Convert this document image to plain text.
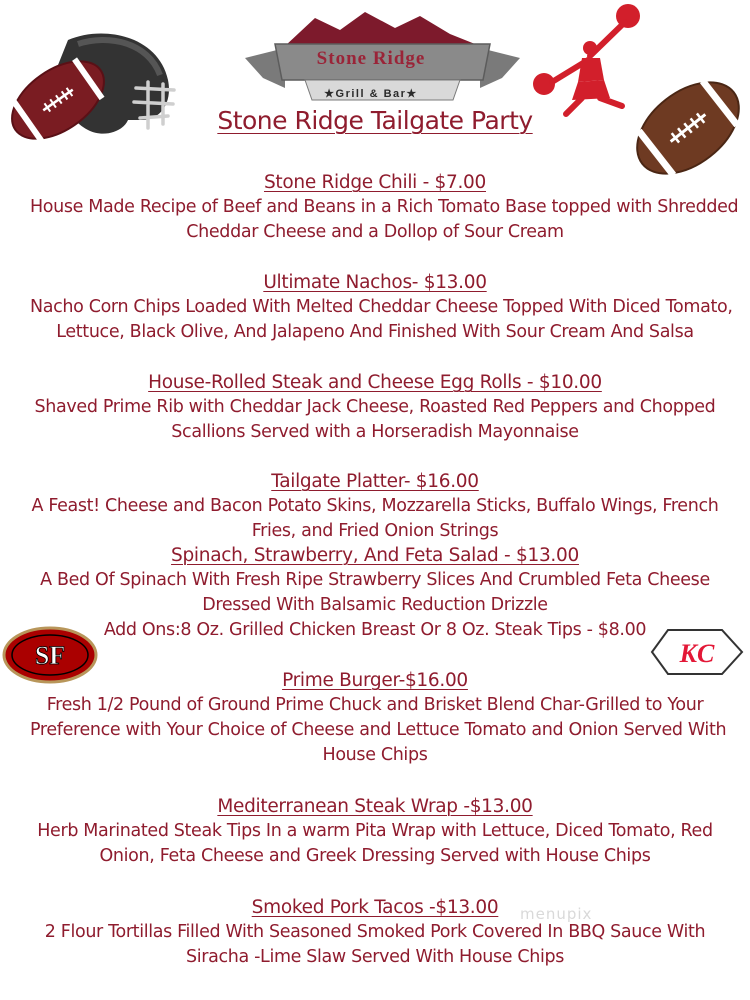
Stone Ridge
★Grill & Bar★
Stone Ridge Tailgate Party
Stone Ridge Chili - $7.00
House Made Recipe of Beef and Beans in a Rich Tomato Base topped with Shredded
Cheddar Cheese and a Dollop of Sour Cream
Ultimate Nachos- $13.00
Nacho Corn Chips Loaded With Melted Cheddar Cheese Topped With Diced Tomato,
Lettuce, Black Olive, And Jalapeno And Finished With Sour Cream And Salsa
House-Rolled Steak and Cheese Egg Rolls - $10.00
Shaved Prime Rib with Cheddar Jack Cheese, Roasted Red Peppers and Chopped
Scallions Served with a Horseradish Mayonnaise
Tailgate Platter- $16.00
A Feast! Cheese and Bacon Potato Skins, Mozzarella Sticks, Buffalo Wings, French
Fries, and Fried Onion Strings
Spinach, Strawberry, And Feta Salad - $13.00
A Bed Of Spinach With Fresh Ripe Strawberry Slices And Crumbled Feta Cheese
Dressed With Balsamic Reduction Drizzle
Add Ons:8 Oz. Grilled Chicken Breast Or 8 Oz. Steak Tips - $8.00
Prime Burger-$16.00
Fresh 1/2 Pound of Ground Prime Chuck and Brisket Blend Char-Grilled to Your
Preference with Your Choice of Cheese and Lettuce Tomato and Onion Served With
House Chips
Mediterranean Steak Wrap -$13.00
Herb Marinated Steak Tips In a warm Pita Wrap with Lettuce, Diced Tomato, Red
Onion, Feta Cheese and Greek Dressing Served with House Chips
Smoked Pork Tacos -$13.00
2 Flour Tortillas Filled With Seasoned Smoked Pork Covered In BBQ Sauce With
Siracha -Lime Slaw Served With House Chips
SF	KC
menupix
